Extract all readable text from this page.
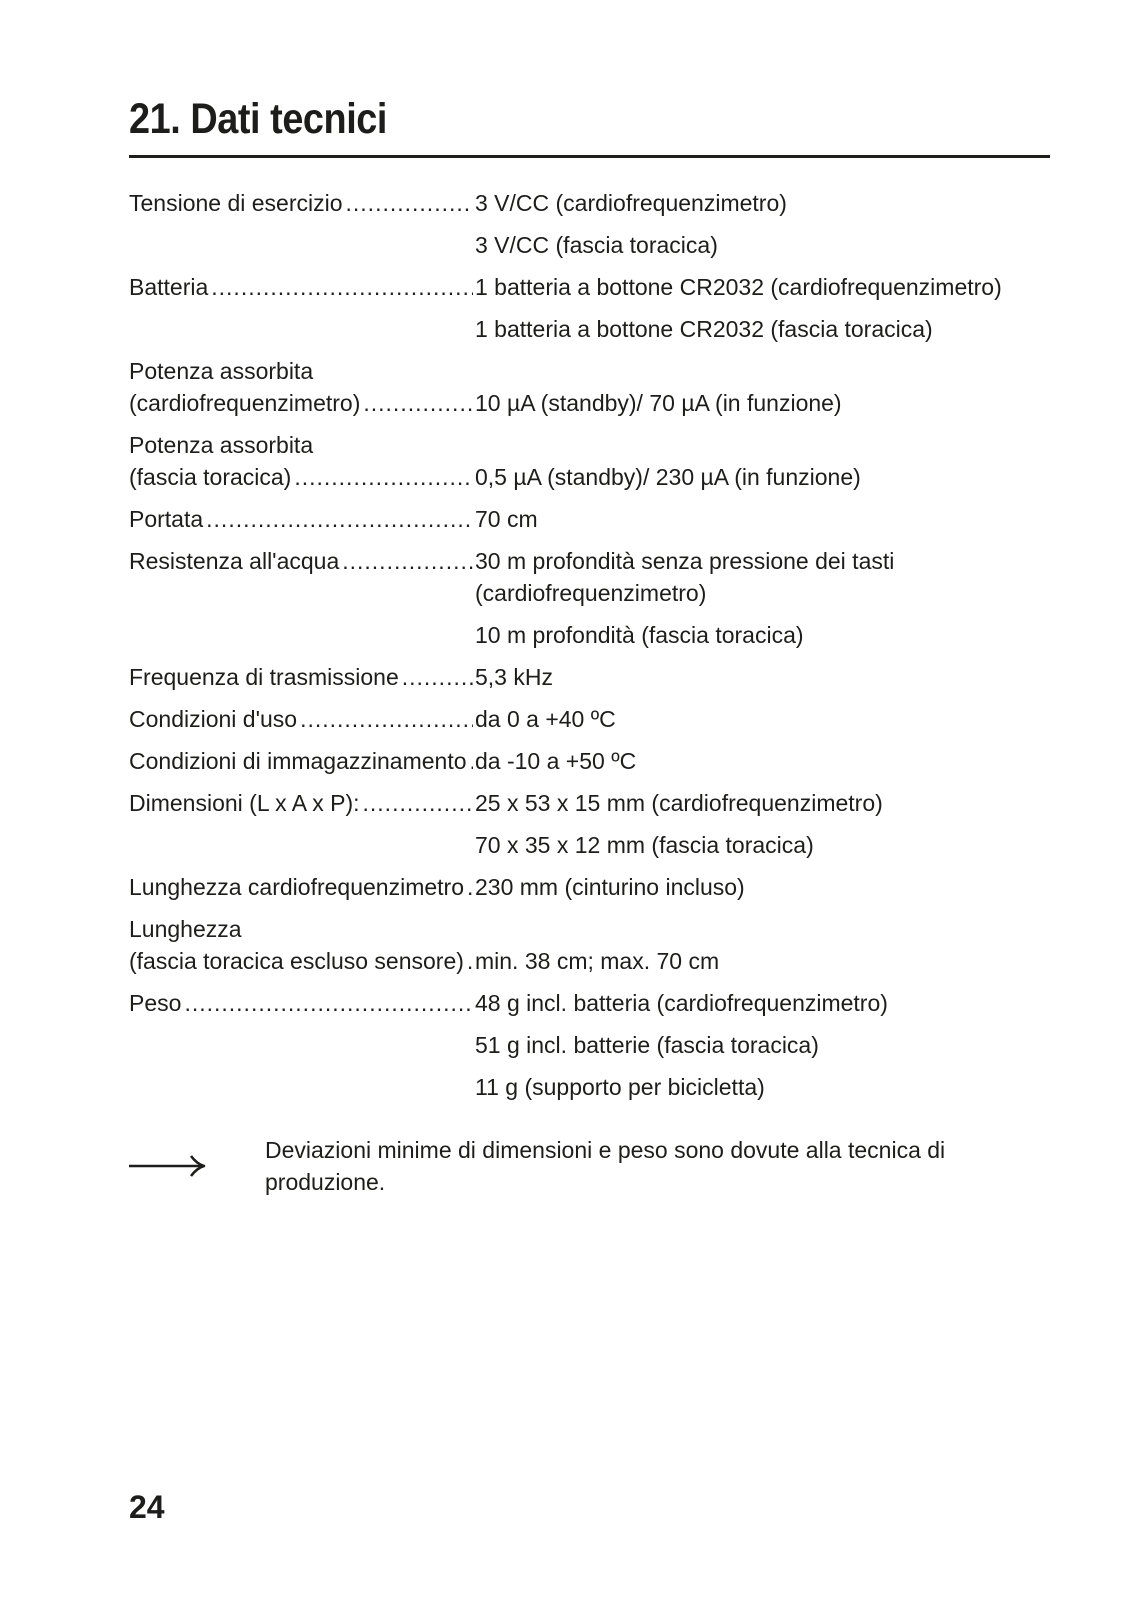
21. Dati tecnici
Tensione di esercizio .....	3 V/CC (cardiofrequenzimetro)
3 V/CC (fascia toracica)
Batteria .....	1 batteria a bottone CR2032 (cardiofrequenzimetro)
1 batteria a bottone CR2032 (fascia toracica)
Potenza assorbita
(cardiofrequenzimetro) .....	10 µA (standby)/ 70 µA (in funzione)
Potenza assorbita
(fascia toracica) .....	0,5 µA (standby)/ 230 µA (in funzione)
Portata .....	70 cm
Resistenza all'acqua .....	30 m profondità senza pressione dei tasti
(cardiofrequenzimetro)
10 m profondità (fascia toracica)
Frequenza di trasmissione .....	5,3 kHz
Condizioni d'uso .....	da 0 a +40 ºC
Condizioni di immagazzinamento ..... da -10 a +50 ºC
Dimensioni (L x A x P): .....	25 x 53 x 15 mm (cardiofrequenzimetro)
70 x 35 x 12 mm (fascia toracica)
Lunghezza cardiofrequenzimetro ..... 230 mm (cinturino incluso)
Lunghezza
(fascia toracica escluso sensore) ..... min. 38 cm; max. 70 cm
Peso .....	48 g incl. batteria (cardiofrequenzimetro)
51 g incl. batterie (fascia toracica)
11 g (supporto per bicicletta)
Deviazioni minime di dimensioni e peso sono dovute alla tecnica di produzione.
24
